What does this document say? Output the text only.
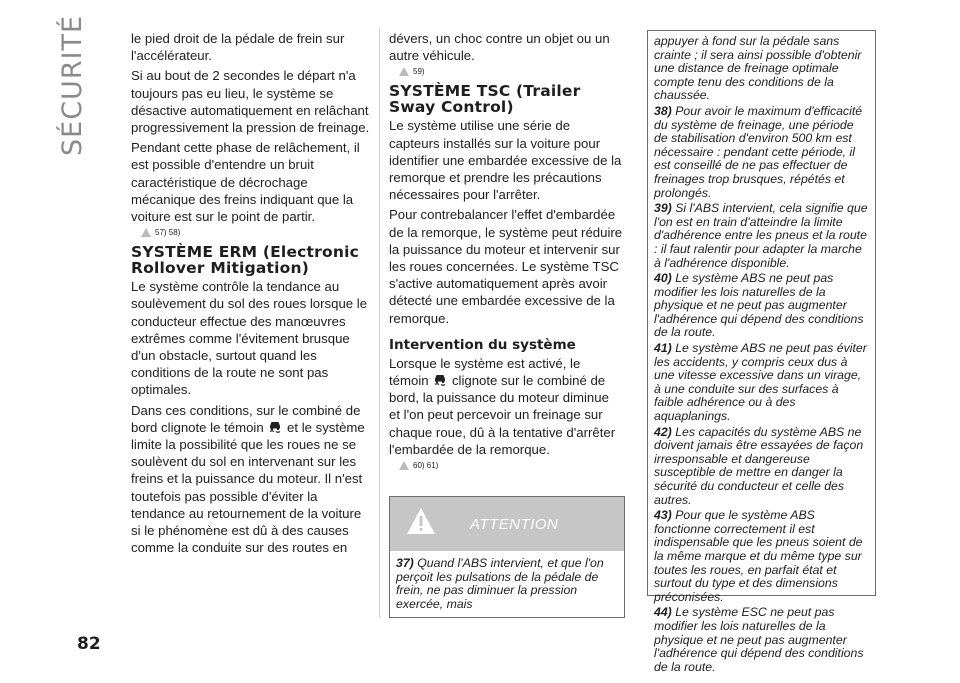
SÉCURITÉ
82

le pied droit de la pédale de frein sur l'accélérateur.

Si au bout de 2 secondes le départ n'a toujours pas eu lieu, le système se désactive automatiquement en relâchant progressivement la pression de freinage.

Pendant cette phase de relâchement, il est possible d'entendre un bruit caractéristique de décrochage mécanique des freins indiquant que la voiture est sur le point de partir.

57) 58)
SYSTÈME ERM (Electronic Rollover Mitigation)

Le système contrôle la tendance au soulèvement du sol des roues lorsque le conducteur effectue des manœuvres extrêmes comme l'évitement brusque d'un obstacle, surtout quand les conditions de la route ne sont pas optimales.

Dans ces conditions, sur le combiné de bord clignote le témoin et le système limite la possibilité que les roues ne se soulèvent du sol en intervenant sur les freins et la puissance du moteur. Il n'est toutefois pas possible d'éviter la tendance au retournement de la voiture si le phénomène est dû à des causes comme la conduite sur des routes en

dévers, un choc contre un objet ou un autre véhicule.

59)
SYSTÈME TSC (Trailer Sway Control)

Le système utilise une série de capteurs installés sur la voiture pour identifier une embardée excessive de la remorque et prendre les précautions nécessaires pour l'arrêter.

Pour contrebalancer l'effet d'embardée de la remorque, le système peut réduire la puissance du moteur et intervenir sur les roues concernées. Le système TSC s'active automatiquement après avoir détecté une embardée excessive de la remorque.

Intervention du système

Lorsque le système est activé, le témoin clignote sur le combiné de bord, la puissance du moteur diminue et l'on peut percevoir un freinage sur chaque roue, dû à la tentative d'arrêter l'embardée de la remorque.

60) 61)
ATTENTION

37) Quand l'ABS intervient, et que l'on perçoit les pulsations de la pédale de frein, ne pas diminuer la pression exercée, mais

appuyer à fond sur la pédale sans crainte ; il sera ainsi possible d'obtenir une distance de freinage optimale compte tenu des conditions de la chaussée.

38) Pour avoir le maximum d'efficacité du système de freinage, une période de stabilisation d'environ 500 km est nécessaire : pendant cette période, il est conseillé de ne pas effectuer de freinages trop brusques, répétés et prolongés.

39) Si l'ABS intervient, cela signifie que l'on est en train d'atteindre la limite d'adhérence entre les pneus et la route : il faut ralentir pour adapter la marche à l'adhérence disponible.

40) Le système ABS ne peut pas modifier les lois naturelles de la physique et ne peut pas augmenter l'adhérence qui dépend des conditions de la route.

41) Le système ABS ne peut pas éviter les accidents, y compris ceux dus à une vitesse excessive dans un virage, à une conduite sur des surfaces à faible adhérence ou à des aquaplanings.

42) Les capacités du système ABS ne doivent jamais être essayées de façon irresponsable et dangereuse susceptible de mettre en danger la sécurité du conducteur et celle des autres.

43) Pour que le système ABS fonctionne correctement il est indispensable que les pneus soient de la même marque et du même type sur toutes les roues, en parfait état et surtout du type et des dimensions préconisées.

44) Le système ESC ne peut pas modifier les lois naturelles de la physique et ne peut pas augmenter l'adhérence qui dépend des conditions de la route.
